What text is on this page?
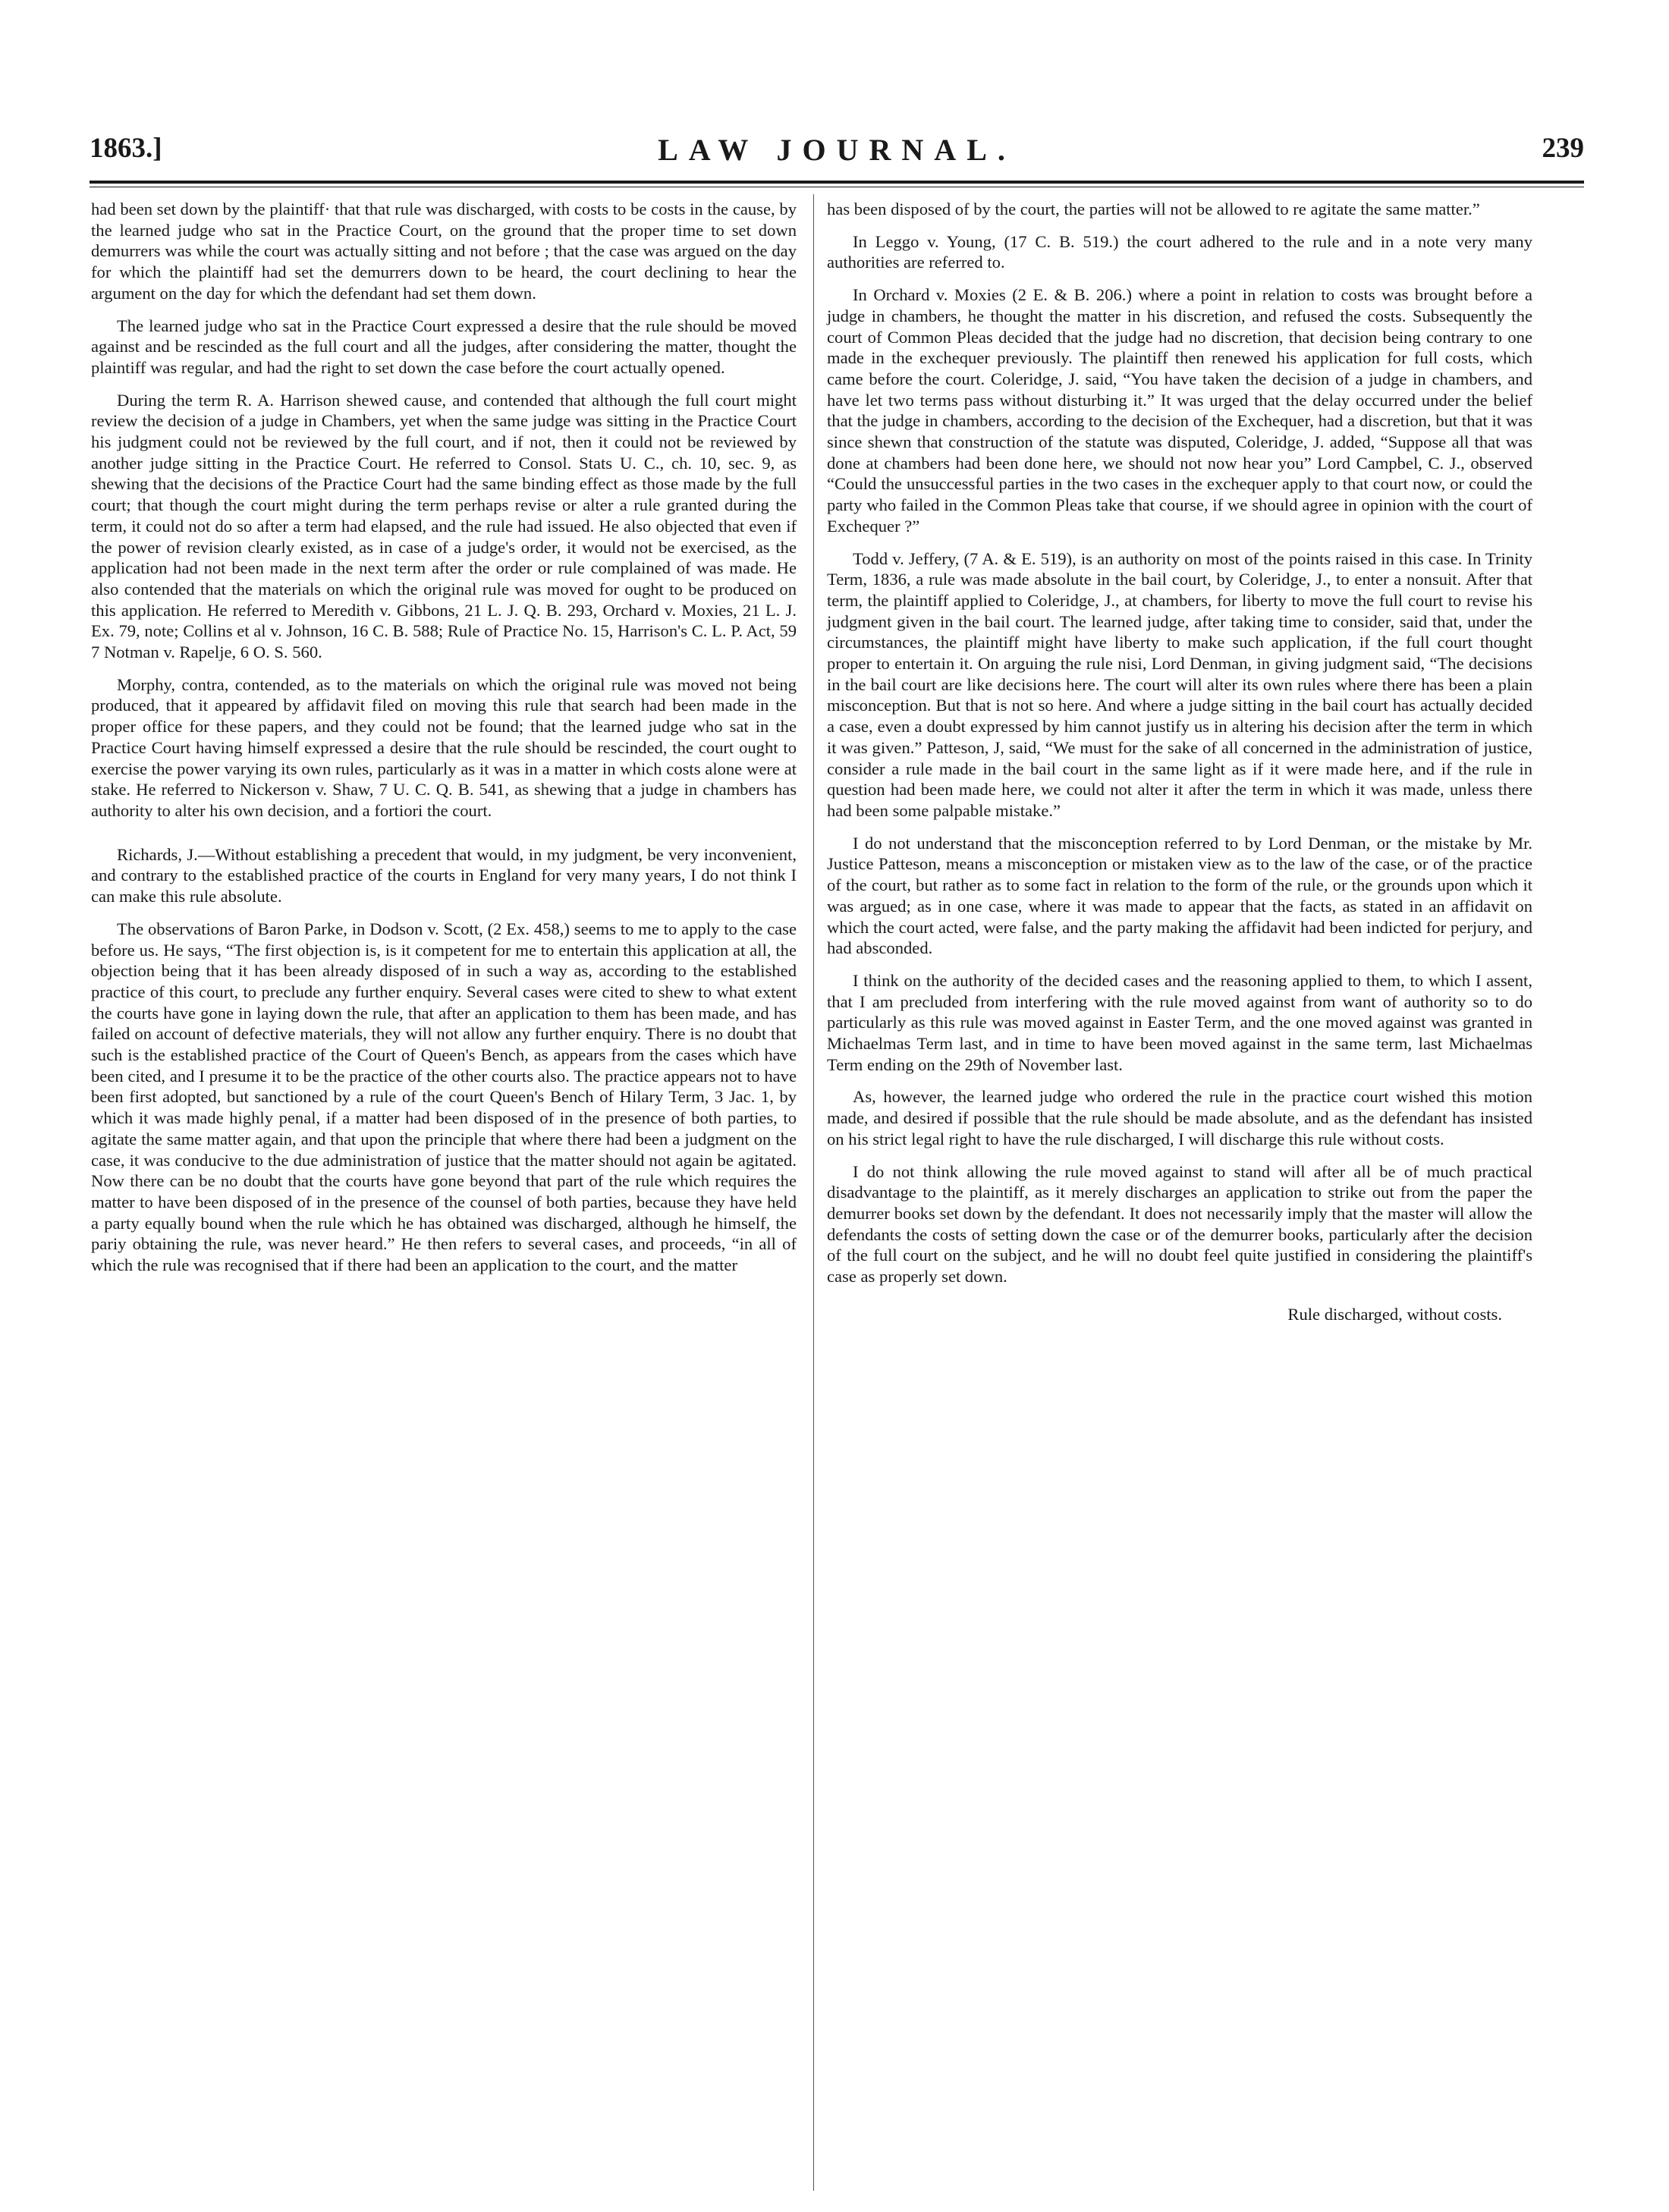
1863.]	LAW JOURNAL.	239

had been set down by the plaintiff· that that rule was discharged, with costs to be costs in the cause, by the learned judge who sat in the Practice Court, on the ground that the proper time to set down demurrers was while the court was actually sitting and not before ; that the case was argued on the day for which the plaintiff had set the demurrers down to be heard, the court declining to hear the argument on the day for which the defendant had set them down.

The learned judge who sat in the Practice Court expressed a desire that the rule should be moved against and be rescinded as the full court and all the judges, after considering the matter, thought the plaintiff was regular, and had the right to set down the case before the court actually opened.

During the term R. A. Harrison shewed cause, and contended that although the full court might review the decision of a judge in Chambers, yet when the same judge was sitting in the Practice Court his judgment could not be reviewed by the full court, and if not, then it could not be reviewed by another judge sitting in the Practice Court. He referred to Consol. Stats U. C., ch. 10, sec. 9, as shewing that the decisions of the Practice Court had the same binding effect as those made by the full court; that though the court might during the term perhaps revise or alter a rule granted during the term, it could not do so after a term had elapsed, and the rule had issued. He also objected that even if the power of revision clearly existed, as in case of a judge's order, it would not be exercised, as the application had not been made in the next term after the order or rule complained of was made. He also contended that the materials on which the original rule was moved for ought to be produced on this application. He referred to Meredith v. Gibbons, 21 L. J. Q. B. 293, Orchard v. Moxies, 21 L. J. Ex. 79, note; Collins et al v. Johnson, 16 C. B. 588; Rule of Practice No. 15, Harrison's C. L. P. Act, 59 7 Notman v. Rapelje, 6 O. S. 560.

Morphy, contra, contended, as to the materials on which the original rule was moved not being produced, that it appeared by affidavit filed on moving this rule that search had been made in the proper office for these papers, and they could not be found; that the learned judge who sat in the Practice Court having himself expressed a desire that the rule should be rescinded, the court ought to exercise the power varying its own rules, particularly as it was in a matter in which costs alone were at stake. He referred to Nickerson v. Shaw, 7 U. C. Q. B. 541, as shewing that a judge in chambers has authority to alter his own decision, and a fortiori the court.

Richards, J.—Without establishing a precedent that would, in my judgment, be very inconvenient, and contrary to the established practice of the courts in England for very many years, I do not think I can make this rule absolute.

The observations of Baron Parke, in Dodson v. Scott, (2 Ex. 458,) seems to me to apply to the case before us. He says, “The first objection is, is it competent for me to entertain this application at all, the objection being that it has been already disposed of in such a way as, according to the established practice of this court, to preclude any further enquiry. Several cases were cited to shew to what extent the courts have gone in laying down the rule, that after an application to them has been made, and has failed on account of defective materials, they will not allow any further enquiry. There is no doubt that such is the established practice of the Court of Queen's Bench, as appears from the cases which have been cited, and I presume it to be the practice of the other courts also. The practice appears not to have been first adopted, but sanctioned by a rule of the court Queen's Bench of Hilary Term, 3 Jac. 1, by which it was made highly penal, if a matter had been disposed of in the presence of both parties, to agitate the same matter again, and that upon the principle that where there had been a judgment on the case, it was conducive to the due administration of justice that the matter should not again be agitated. Now there can be no doubt that the courts have gone beyond that part of the rule which requires the matter to have been disposed of in the presence of the counsel of both parties, because they have held a party equally bound when the rule which he has obtained was discharged, although he himself, the pariy obtaining the rule, was never heard.” He then refers to several cases, and proceeds, “in all of which the rule was recognised that if there had been an application to the court, and the matter

has been disposed of by the court, the parties will not be allowed to re agitate the same matter.”

In Leggo v. Young, (17 C. B. 519.) the court adhered to the rule and in a note very many authorities are referred to.

In Orchard v. Moxies (2 E. & B. 206.) where a point in relation to costs was brought before a judge in chambers, he thought the matter in his discretion, and refused the costs. Subsequently the court of Common Pleas decided that the judge had no discretion, that decision being contrary to one made in the exchequer previously. The plaintiff then renewed his application for full costs, which came before the court. Coleridge, J. said, “You have taken the decision of a judge in chambers, and have let two terms pass without disturbing it.” It was urged that the delay occurred under the belief that the judge in chambers, according to the decision of the Exchequer, had a discretion, but that it was since shewn that construction of the statute was disputed, Coleridge, J. added, “Suppose all that was done at chambers had been done here, we should not now hear you” Lord Campbel, C. J., observed “Could the unsuccessful parties in the two cases in the exchequer apply to that court now, or could the party who failed in the Common Pleas take that course, if we should agree in opinion with the court of Exchequer ?”

Todd v. Jeffery, (7 A. & E. 519), is an authority on most of the points raised in this case. In Trinity Term, 1836, a rule was made absolute in the bail court, by Coleridge, J., to enter a nonsuit. After that term, the plaintiff applied to Coleridge, J., at chambers, for liberty to move the full court to revise his judgment given in the bail court. The learned judge, after taking time to consider, said that, under the circumstances, the plaintiff might have liberty to make such application, if the full court thought proper to entertain it. On arguing the rule nisi, Lord Denman, in giving judgment said, “The decisions in the bail court are like decisions here. The court will alter its own rules where there has been a plain misconception. But that is not so here. And where a judge sitting in the bail court has actually decided a case, even a doubt expressed by him cannot justify us in altering his decision after the term in which it was given.” Patteson, J, said, “We must for the sake of all concerned in the administration of justice, consider a rule made in the bail court in the same light as if it were made here, and if the rule in question had been made here, we could not alter it after the term in which it was made, unless there had been some palpable mistake.”

I do not understand that the misconception referred to by Lord Denman, or the mistake by Mr. Justice Patteson, means a misconception or mistaken view as to the law of the case, or of the practice of the court, but rather as to some fact in relation to the form of the rule, or the grounds upon which it was argued; as in one case, where it was made to appear that the facts, as stated in an affidavit on which the court acted, were false, and the party making the affidavit had been indicted for perjury, and had absconded.

I think on the authority of the decided cases and the reasoning applied to them, to which I assent, that I am precluded from interfering with the rule moved against from want of authority so to do particularly as this rule was moved against in Easter Term, and the one moved against was granted in Michaelmas Term last, and in time to have been moved against in the same term, last Michaelmas Term ending on the 29th of November last.

As, however, the learned judge who ordered the rule in the practice court wished this motion made, and desired if possible that the rule should be made absolute, and as the defendant has insisted on his strict legal right to have the rule discharged, I will discharge this rule without costs.

I do not think allowing the rule moved against to stand will after all be of much practical disadvantage to the plaintiff, as it merely discharges an application to strike out from the paper the demurrer books set down by the defendant. It does not necessarily imply that the master will allow the defendants the costs of setting down the case or of the demurrer books, particularly after the decision of the full court on the subject, and he will no doubt feel quite justified in considering the plaintiff's case as properly set down.

Rule discharged, without costs.
